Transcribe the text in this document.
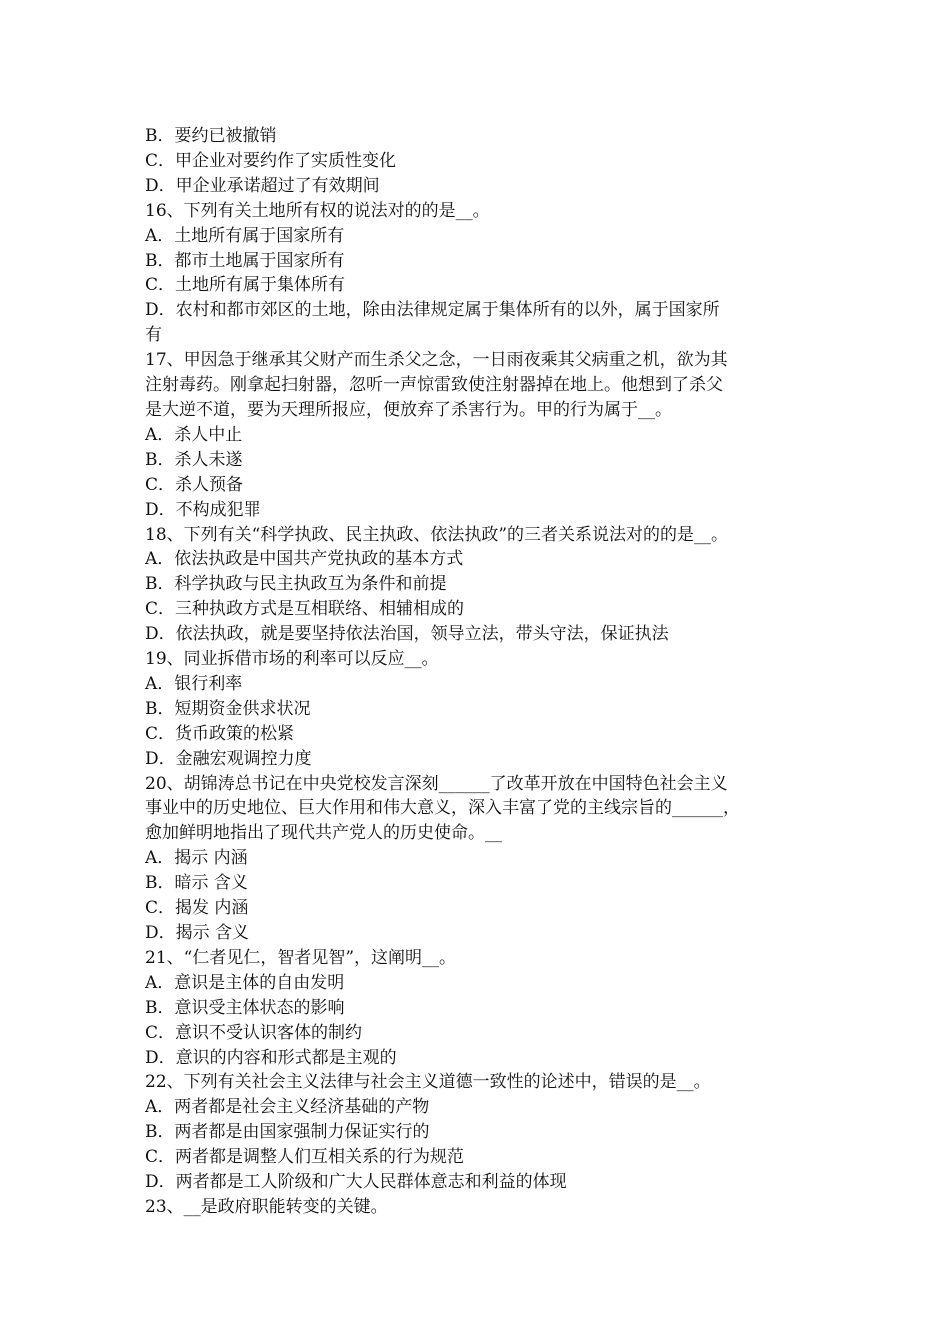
B．要约已被撤销
C．甲企业对要约作了实质性变化
D．甲企业承诺超过了有效期间
16、下列有关土地所有权的说法对的的是__。
A．土地所有属于国家所有
B．都市土地属于国家所有
C．土地所有属于集体所有
D．农村和都市郊区的土地，除由法律规定属于集体所有的以外，属于国家所
有
17、甲因急于继承其父财产而生杀父之念，一日雨夜乘其父病重之机，欲为其
注射毒药。刚拿起扫射器，忽听一声惊雷致使注射器掉在地上。他想到了杀父
是大逆不道，要为天理所报应，便放弃了杀害行为。甲的行为属于__。
A．杀人中止
B．杀人未遂
C．杀人预备
D．不构成犯罪
18、下列有关“科学执政、民主执政、依法执政”的三者关系说法对的的是__。
A．依法执政是中国共产党执政的基本方式
B．科学执政与民主执政互为条件和前提
C．三种执政方式是互相联络、相辅相成的
D．依法执政，就是要坚持依法治国，领导立法，带头守法，保证执法
19、同业拆借市场的利率可以反应__。
A．银行利率
B．短期资金供求状况
C．货币政策的松紧
D．金融宏观调控力度
20、胡锦涛总书记在中央党校发言深刻______了改革开放在中国特色社会主义
事业中的历史地位、巨大作用和伟大意义，深入丰富了党的主线宗旨的______，
愈加鲜明地指出了现代共产党人的历史使命。__
A．揭示 内涵
B．暗示 含义
C．揭发 内涵
D．揭示 含义
21、“仁者见仁，智者见智”，这阐明__。
A．意识是主体的自由发明
B．意识受主体状态的影响
C．意识不受认识客体的制约
D．意识的内容和形式都是主观的
22、下列有关社会主义法律与社会主义道德一致性的论述中，错误的是__。
A．两者都是社会主义经济基础的产物
B．两者都是由国家强制力保证实行的
C．两者都是调整人们互相关系的行为规范
D．两者都是工人阶级和广大人民群体意志和利益的体现
23、__是政府职能转变的关键。
